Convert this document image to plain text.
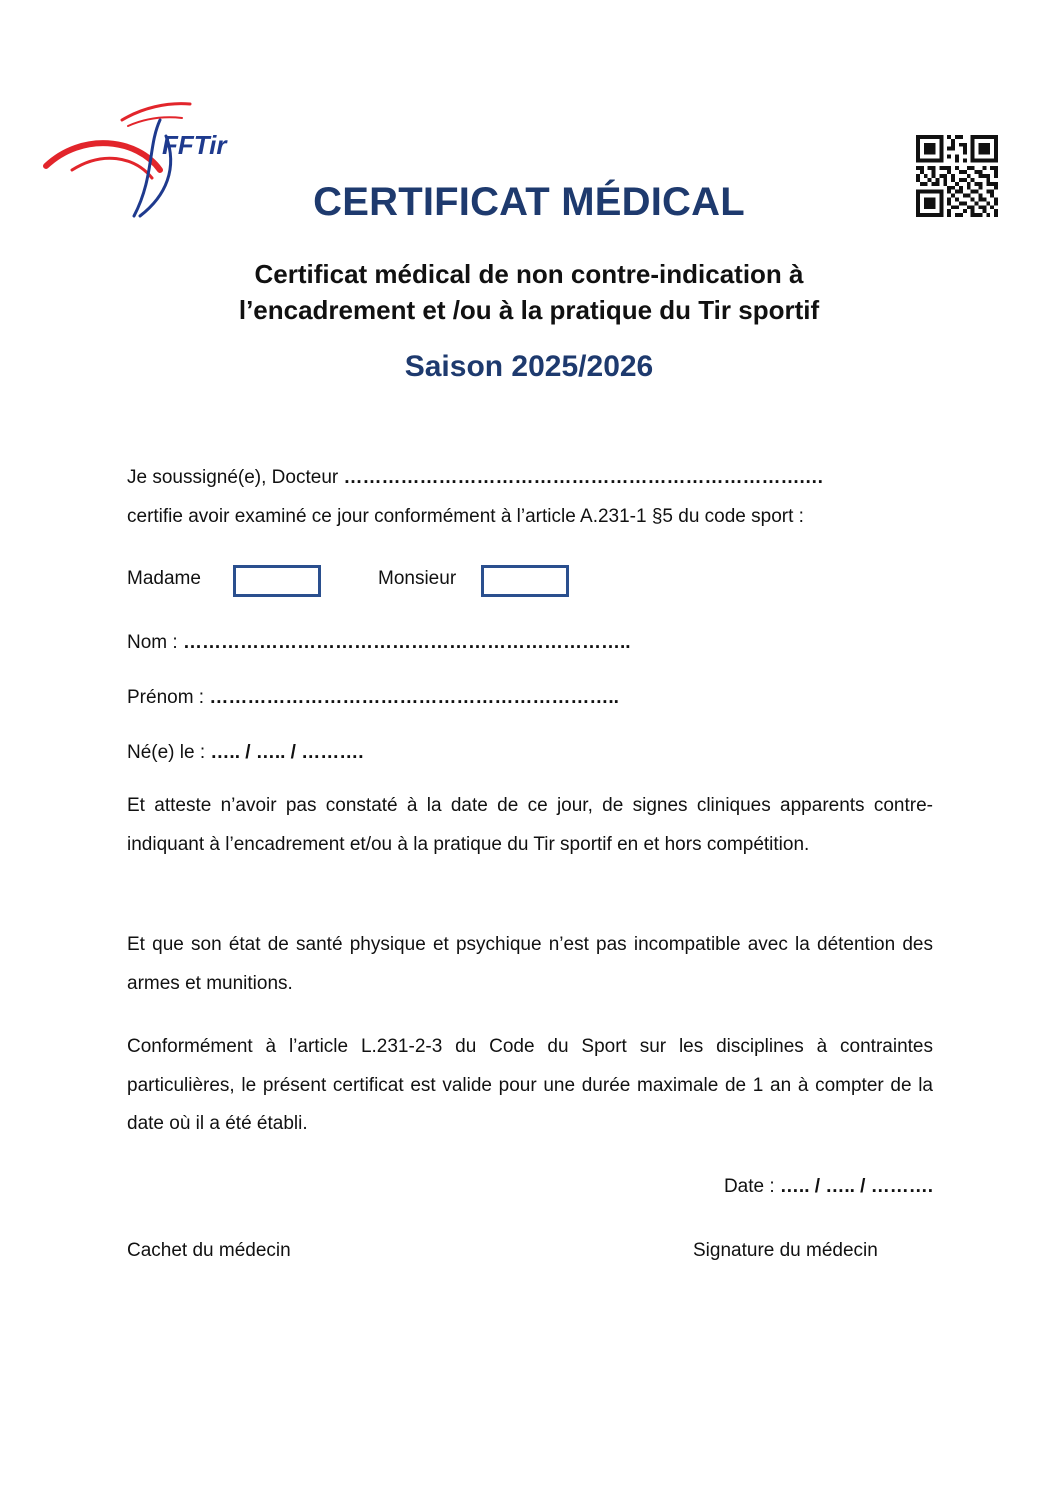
FFTir
CERTIFICAT MÉDICAL
Certificat médical de non contre-indication à
l’encadrement et /ou à la pratique du Tir sportif
Saison 2025/2026
Je soussigné(e), Docteur ……………………………………………………………….…
certifie avoir examiné ce jour conformément à l’article A.231-1 §5 du code sport :
Madame	Monsieur
Nom : ……………………………………………………………..
Prénom : ………………………………………………………..
Né(e) le : ….. / ….. / ……….
Et atteste n’avoir pas constaté à la date de ce jour, de signes cliniques apparents contre-indiquant à l’encadrement et/ou à la pratique du Tir sportif en et hors compétition.
Et que son état de santé physique et psychique n’est pas incompatible avec la détention des armes et munitions.
Conformément à l’article L.231-2-3 du Code du Sport sur les disciplines à contraintes particulières, le présent certificat est valide pour une durée maximale de 1 an à compter de la date où il a été établi.
Date : ….. / ….. / ……….
Cachet du médecin	Signature du médecin
